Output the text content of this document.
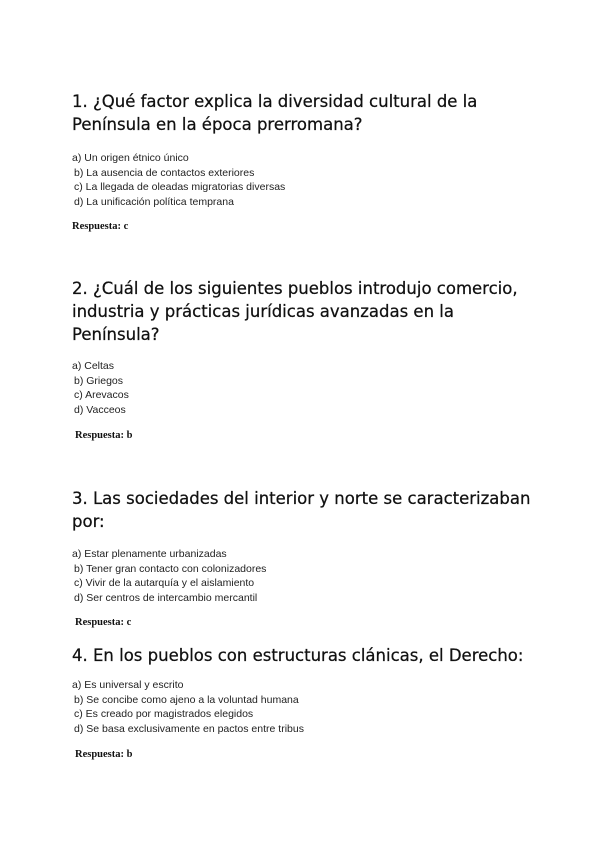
1. ¿Qué factor explica la diversidad cultural de la
Península en la época prerromana?
a) Un origen étnico único
b) La ausencia de contactos exteriores
c) La llegada de oleadas migratorias diversas
d) La unificación política temprana

Respuesta: c

2. ¿Cuál de los siguientes pueblos introdujo comercio,
industria y prácticas jurídicas avanzadas en la
Península?
a) Celtas
b) Griegos
c) Arevacos
d) Vacceos

Respuesta: b

3. Las sociedades del interior y norte se caracterizaban
por:
a) Estar plenamente urbanizadas
b) Tener gran contacto con colonizadores
c) Vivir de la autarquía y el aislamiento
d) Ser centros de intercambio mercantil

Respuesta: c

4. En los pueblos con estructuras clánicas, el Derecho:
a) Es universal y escrito
b) Se concibe como ajeno a la voluntad humana
c) Es creado por magistrados elegidos
d) Se basa exclusivamente en pactos entre tribus

Respuesta: b
